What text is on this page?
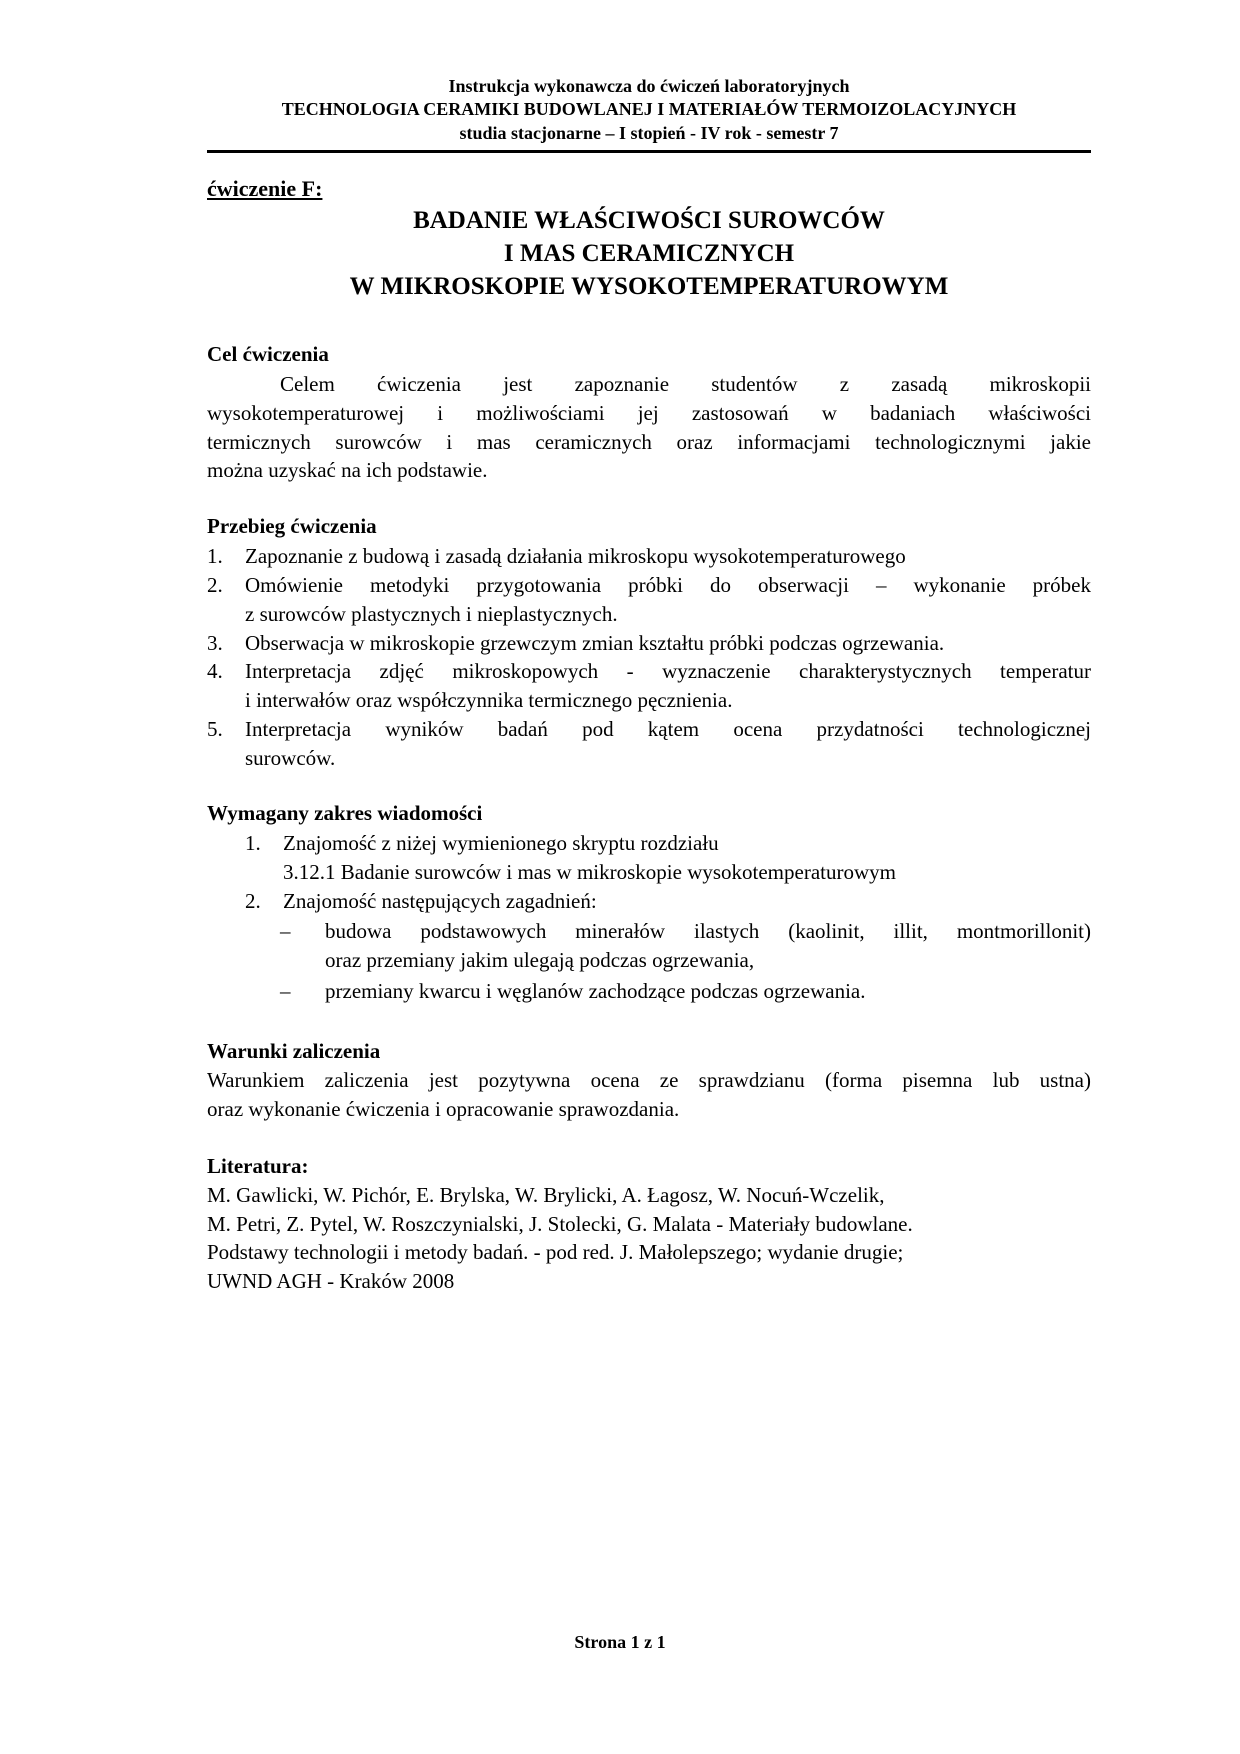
Instrukcja wykonawcza do ćwiczeń laboratoryjnych
TECHNOLOGIA CERAMIKI BUDOWLANEJ I MATERIAŁÓW TERMOIZOLACYJNYCH
studia stacjonarne – I stopień - IV rok - semestr 7
ćwiczenie F:
BADANIE WŁAŚCIWOŚCI SUROWCÓW
I MAS CERAMICZNYCH
W MIKROSKOPIE WYSOKOTEMPERATUROWYM
Cel ćwiczenia
Celem ćwiczenia jest zapoznanie studentów z zasadą mikroskopii
wysokotemperaturowej i możliwościami jej zastosowań w badaniach właściwości
termicznych surowców i mas ceramicznych oraz informacjami technologicznymi jakie
można uzyskać na ich podstawie.
Przebieg ćwiczenia
1. Zapoznanie z budową i zasadą działania mikroskopu wysokotemperaturowego
2. Omówienie metodyki przygotowania próbki do obserwacji – wykonanie próbek
z surowców plastycznych i nieplastycznych.
3. Obserwacja w mikroskopie grzewczym zmian kształtu próbki podczas ogrzewania.
4. Interpretacja zdjęć mikroskopowych - wyznaczenie charakterystycznych temperatur
i interwałów oraz współczynnika termicznego pęcznienia.
5. Interpretacja wyników badań pod kątem ocena przydatności technologicznej
surowców.
Wymagany zakres wiadomości
1. Znajomość z niżej wymienionego skryptu rozdziału
3.12.1 Badanie surowców i mas w mikroskopie wysokotemperaturowym
2. Znajomość następujących zagadnień:
– budowa podstawowych minerałów ilastych (kaolinit, illit, montmorillonit)
oraz przemiany jakim ulegają podczas ogrzewania,
– przemiany kwarcu i węglanów zachodzące podczas ogrzewania.
Warunki zaliczenia
Warunkiem zaliczenia jest pozytywna ocena ze sprawdzianu (forma pisemna lub ustna)
oraz wykonanie ćwiczenia i opracowanie sprawozdania.
Literatura:
M. Gawlicki, W. Pichór, E. Brylska, W. Brylicki, A. Łagosz, W. Nocuń-Wczelik,
M. Petri, Z. Pytel, W. Roszczynialski, J. Stolecki, G. Malata - Materiały budowlane.
Podstawy technologii i metody badań. - pod red. J. Małolepszego; wydanie drugie;
UWND AGH - Kraków 2008
Strona 1 z 1
